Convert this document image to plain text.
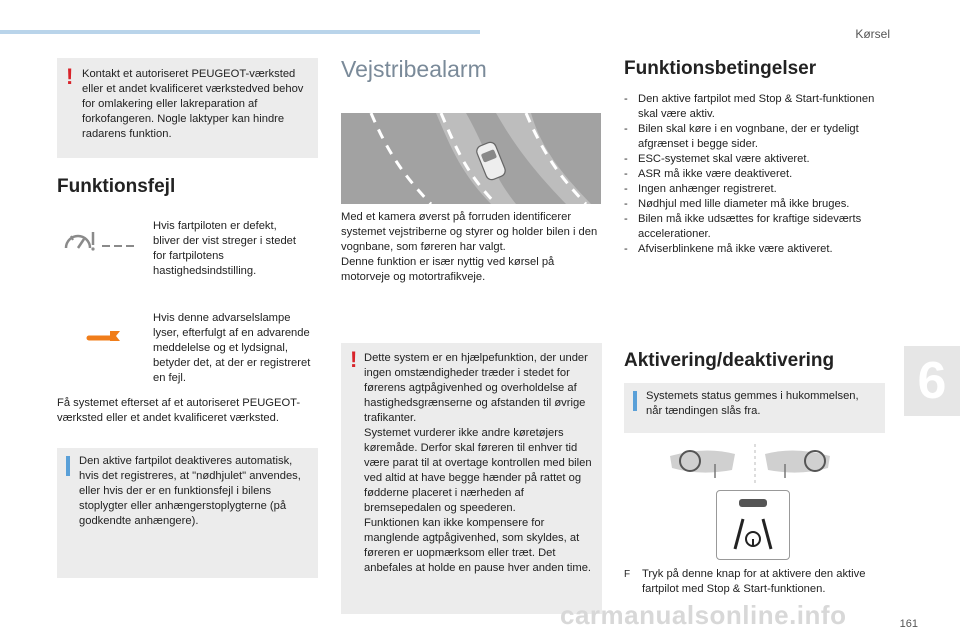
Kørsel
6
161
! Kontakt et autoriseret PEUGEOT-værksted eller et andet kvalificeret værkstedved behov for omlakering eller lakreparation af forkofangeren. Nogle laktyper kan hindre radarens funktion.
Funktionsfejl
Hvis fartpiloten er defekt, bliver der vist streger i stedet for fartpilotens hastighedsindstilling.
Hvis denne advarselslampe lyser, efterfulgt af en advarende meddelelse og et lydsignal, betyder det, at der er registreret en fejl.
Få systemet efterset af et autoriseret PEUGEOT-værksted eller et andet kvalificeret værksted.
Den aktive fartpilot deaktiveres automatisk, hvis det registreres, at "nødhjulet" anvendes, eller hvis der er en funktionsfejl i bilens stoplygter eller anhængerstoplygterne (på godkendte anhængere).
Vejstribealarm
Med et kamera øverst på forruden identificerer systemet vejstriberne og styrer og holder bilen i den vognbane, som føreren har valgt.
Denne funktion er især nyttig ved kørsel på motorveje og motortrafikveje.
! Dette system er en hjælpefunktion, der under ingen omstændigheder træder i stedet for førerens agtpågivenhed og overholdelse af hastighedsgrænserne og afstanden til øvrige trafikanter.
Systemet vurderer ikke andre køretøjers køremåde. Derfor skal føreren til enhver tid være parat til at overtage kontrollen med bilen ved altid at have begge hænder på rattet og fødderne placeret i nærheden af bremsepedalen og speederen.
Funktionen kan ikke kompensere for manglende agtpågivenhed, som skyldes, at føreren er uopmærksom eller træt. Det anbefales at holde en pause hver anden time.
Funktionsbetingelser
- Den aktive fartpilot med Stop & Start-funktionen skal være aktiv.
- Bilen skal køre i en vognbane, der er tydeligt afgrænset i begge sider.
- ESC-systemet skal være aktiveret.
- ASR må ikke være deaktiveret.
- Ingen anhænger registreret.
- Nødhjul med lille diameter må ikke bruges.
- Bilen må ikke udsættes for kraftige sideværts accelerationer.
- Afviserblinkene må ikke være aktiveret.
Aktivering/deaktivering
Systemets status gemmes i hukommelsen, når tændingen slås fra.
F	Tryk på denne knap for at aktivere den aktive fartpilot med Stop & Start-funktionen.
carmanualsonline.info
